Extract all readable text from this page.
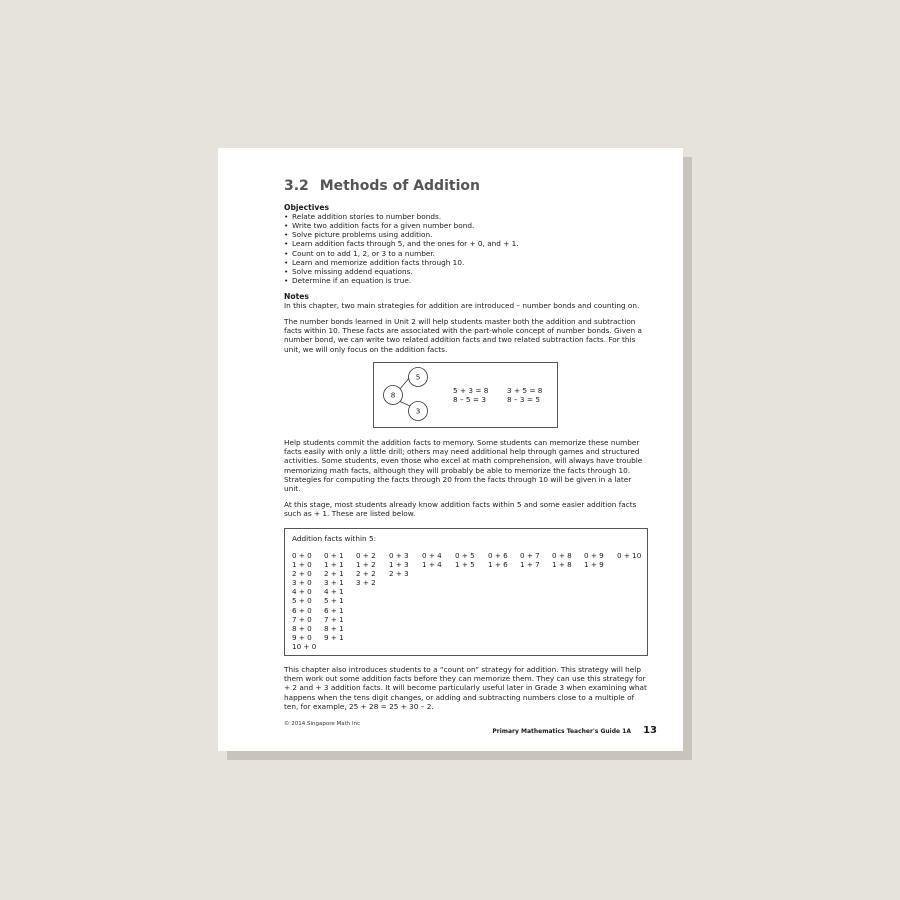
3.2 Methods of Addition
Objectives
• Relate addition stories to number bonds.
• Write two addition facts for a given number bond.
• Solve picture problems using addition.
• Learn addition facts through 5, and the ones for + 0, and + 1.
• Count on to add 1, 2, or 3 to a number.
• Learn and memorize addition facts through 10.
• Solve missing addend equations.
• Determine if an equation is true.
Notes

In this chapter, two main strategies for addition are introduced – number bonds and counting on.

The number bonds learned in Unit 2 will help students master both the addition and subtraction facts within 10. These facts are associated with the part-whole concept of number bonds. Given a number bond, we can write two related addition facts and two related subtraction facts. For this unit, we will only focus on the addition facts.

8
5
3
5 + 3 = 8	3 + 5 = 8
8 – 5 = 3	8 – 3 = 5

Help students commit the addition facts to memory. Some students can memorize these number facts easily with only a little drill; others may need additional help through games and structured activities. Some students, even those who excel at math comprehension, will always have trouble memorizing math facts, although they will probably be able to memorize the facts through 10. Strategies for computing the facts through 20 from the facts through 10 will be given in a later unit.

At this stage, most students already know addition facts within 5 and some easier addition facts such as + 1. These are listed below.

Addition facts within 5:
0 + 0
1 + 0
2 + 0
3 + 0
4 + 0
5 + 0
6 + 0
7 + 0
8 + 0
9 + 0
10 + 0
0 + 1
1 + 1
2 + 1
3 + 1
4 + 1
5 + 1
6 + 1
7 + 1
8 + 1
9 + 1
0 + 2
1 + 2
2 + 2
3 + 2
0 + 3
1 + 3
2 + 3
0 + 4
1 + 4
0 + 5
1 + 5
0 + 6
1 + 6
0 + 7
1 + 7
0 + 8
1 + 8
0 + 9
1 + 9
0 + 10

This chapter also introduces students to a “count on” strategy for addition. This strategy will help them work out some addition facts before they can memorize them. They can use this strategy for + 2 and + 3 addition facts. It will become particularly useful later in Grade 3 when examining what happens when the tens digit changes, or adding and subtracting numbers close to a multiple of ten, for example, 25 + 28 = 25 + 30 – 2.

© 2014 Singapore Math Inc
Primary Mathematics Teacher's Guide 1A 13
